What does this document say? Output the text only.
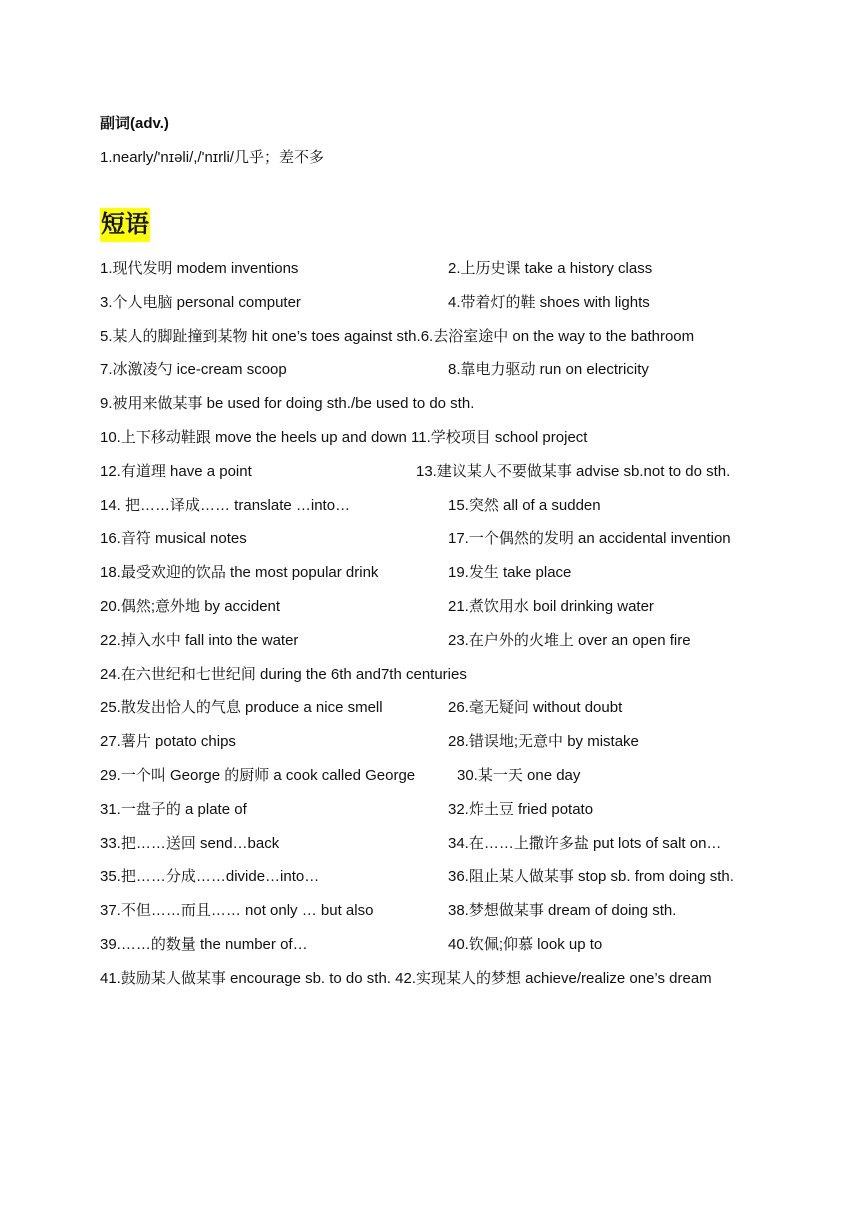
副词(adv.)
1.nearly/'nɪəli/,/'nɪrli/几乎；差不多
短语
1.现代发明 modem inventions	2.上历史课 take a history class
3.个人电脑 personal computer	4.带着灯的鞋 shoes with lights
5.某人的脚趾撞到某物 hit one’s toes against sth.6.去浴室途中 on the way to the bathroom
7.冰激凌勺 ice-cream scoop	8.靠电力驱动 run on electricity
9.被用来做某事 be used for doing sth./be used to do sth.
10.上下移动鞋跟 move the heels up and down 11.学校项目 school project
12.有道理 have a point	13.建议某人不要做某事 advise sb.not to do sth.
14. 把……译成…… translate …into…	15.突然 all of a sudden
16.音符 musical notes	17.一个偶然的发明 an accidental invention
18.最受欢迎的饮品 the most popular drink	19.发生 take place
20.偶然;意外地 by accident	21.煮饮用水 boil drinking water
22.掉入水中 fall into the water	23.在户外的火堆上 over an open fire
24.在六世纪和七世纪间 during the 6th and7th centuries
25.散发出恰人的气息 produce a nice smell	26.毫无疑问 without doubt
27.薯片 potato chips	28.错误地;无意中 by mistake
29.一个叫 George 的厨师 a cook called George	30.某一天 one day
31.一盘子的 a plate of	32.炸土豆 fried potato
33.把……送回 send…back	34.在……上撒许多盐 put lots of salt on…
35.把……分成……divide…into…	36.阻止某人做某事 stop sb. from doing sth.
37.不但……而且…… not only … but also	38.梦想做某事 dream of doing sth.
39.……的数量 the number of…	40.钦佩;仰慕 look up to
41.鼓励某人做某事 encourage sb. to do sth. 42.实现某人的梦想 achieve/realize one’s dream
